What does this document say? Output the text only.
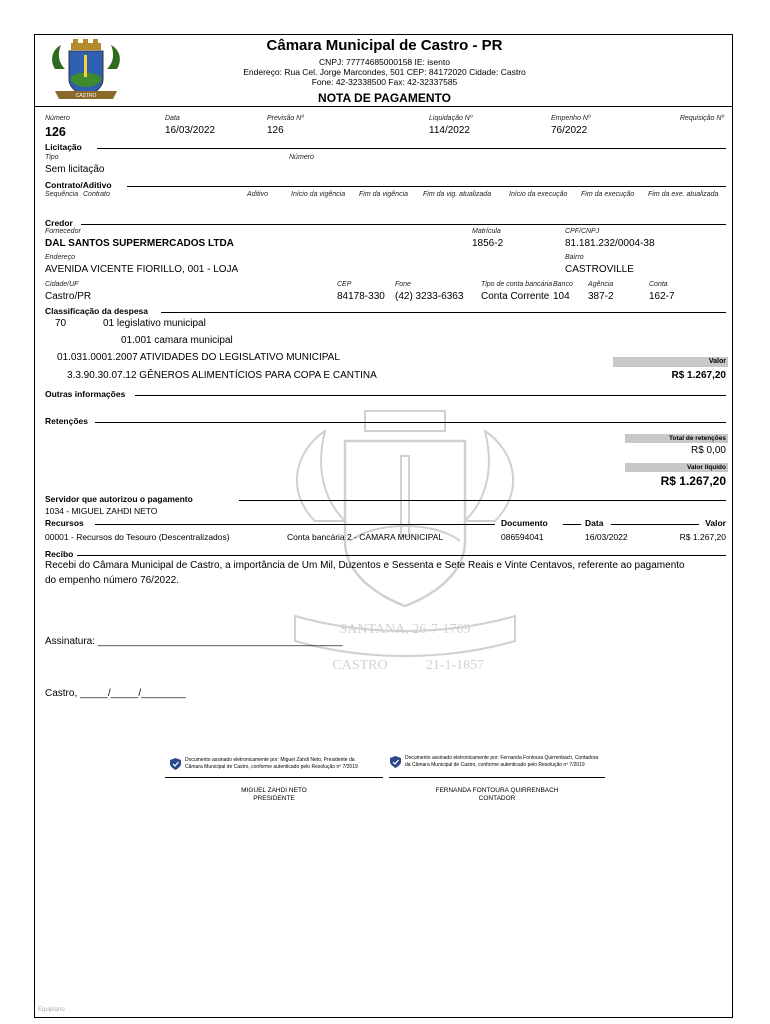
CASTRO
Câmara Municipal de Castro - PR
CNPJ: 77774685000158 IE: isento
Endereço: Rua Cel. Jorge Marcondes, 501 CEP: 84172020 Cidade: Castro
Fone: 42-32338500 Fax: 42-32337585
NOTA DE PAGAMENTO
Número
126
Data
16/03/2022
Previsão Nº
126
Liquidação Nº
114/2022
Empenho Nº
76/2022
Requisição Nº
Licitação
Tipo	Número
Sem licitação
Contrato/Aditivo
Sequência Contrato	Aditivo	Início da vigência Fim da vigência Fim da vig. atualizada	Início da execução Fim da execução Fim da exe. atualizada
Credor
Fornecedor
DAL SANTOS SUPERMERCADOS LTDA
Matrícula
1856-2
CPF/CNPJ
81.181.232/0004-38
Endereço
AVENIDA VICENTE FIORILLO, 001 - LOJA
Bairro
CASTROVILLE
Cidade/UF
Castro/PR
CEP
84178-330
Fone
(42) 3233-6363
Tipo de conta bancária
Conta Corrente
Banco
104
Agência
387-2
Conta
162-7
Classificação da despesa
70	01 legislativo municipal
01.001 camara municipal
01.031.0001.2007 ATIVIDADES DO LEGISLATIVO MUNICIPAL
3.3.90.30.07.12 GÊNEROS ALIMENTÍCIOS PARA COPA E CANTINA
Valor
R$ 1.267,20
Outras informações
SANTANA, 26-7-1769
CASTRO	21-1-1857
Retenções
Total de retenções
R$ 0,00
Valor líquido
R$ 1.267,20
Servidor que autorizou o pagamento
1034 - MIGUEL ZAHDI NETO
Recursos	Documento	Data	Valor
00001 - Recursos do Tesouro (Descentralizados)	Conta bancária 2 - CAMARA MUNICIPAL	086594041	16/03/2022	R$ 1.267,20
Recibo
Recebi do Câmara Municipal de Castro, a importância de Um Mil, Duzentos e Sessenta e Sete Reais e Vinte Centavos, referente ao pagamento
do empenho número 76/2022.
Assinatura: ____________________________________________
Castro, _____/_____/________
Documento assinado eletronicamente por: Miguel Zahdi Neto, Presidente da
Câmara Municipal de Castro, conforme autenticado pelo Resolução nº 7/2019
Documento assinado eletronicamente por: Fernanda Fontoura Quirrenbach, Contadora
da Câmara Municipal de Castro, conforme autenticado pelo Resolução nº 7/2019
MIGUEL ZAHDI NETO
PRESIDENTE
FERNANDA FONTOURA QUIRRENBACH
CONTADOR
Equiplano
